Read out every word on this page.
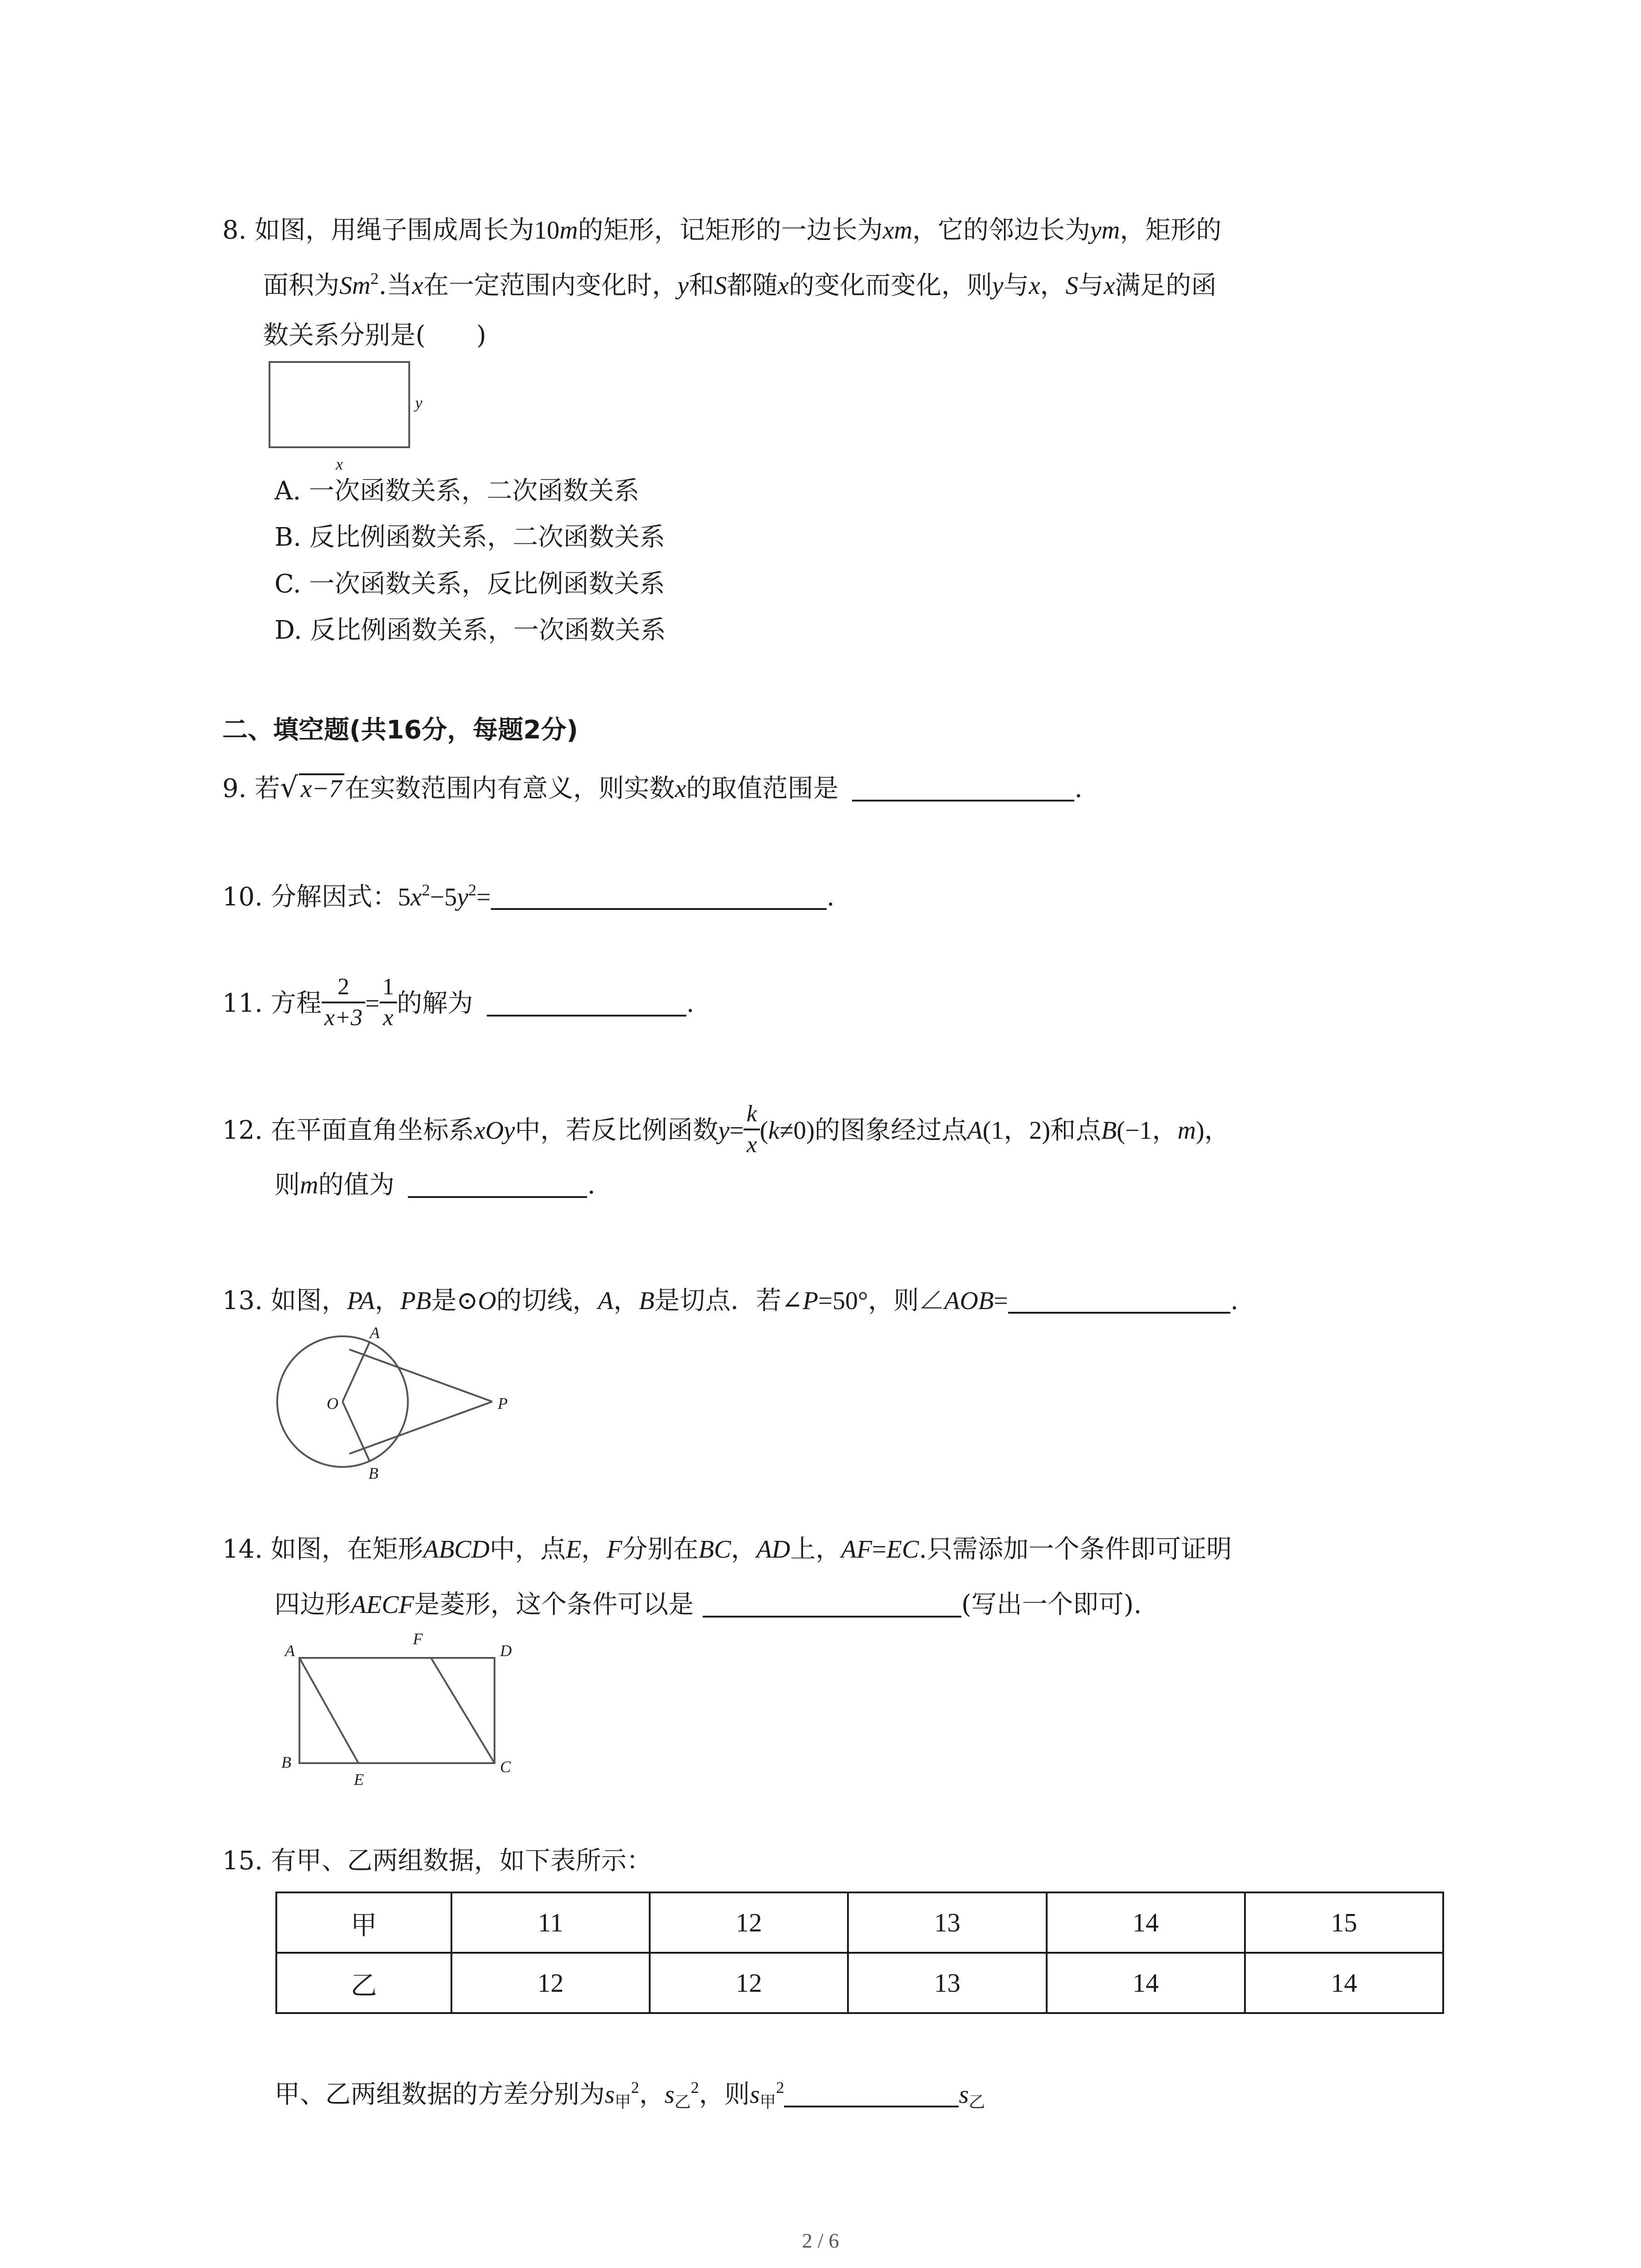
8. 如图，用绳子围成周长为10m的矩形，记矩形的一边长为xm，它的邻边长为ym，矩形的
面积为Sm$^2$.当x在一定范围内变化时，y和S都随x的变化而变化，则y与x，S与x满足的函
数关系分别是(　　)
y
x
A. 一次函数关系，二次函数关系
B. 反比例函数关系，二次函数关系
C. 一次函数关系，反比例函数关系
D. 反比例函数关系，一次函数关系
二、填空题(共16分，每题2分)
9. 若√ x−7 在实数范围内有意义，则实数x的取值范围是	.
10. 分解因式：$5x^2-5y^2=$	.
11. 方程 $\frac{2}{x+3} = \frac{1}{x}$ 的解为	.
12. 在平面直角坐标系xOy中，若反比例函数$y= \frac{k}{x} (k\ne 0)$的图象经过点A(1，2)和点B(−1，m)，
则m的值为	.
13. 如图，PA，PB是⊙O的切线，A，B是切点．若∠P=50°，则∠AOB=	.
A
O	P
B
14. 如图，在矩形ABCD中，点E，F分别在BC，AD上，AF=EC.只需添加一个条件即可证明
四边形AECF是菱形，这个条件可以是	(写出一个即可).
A
F
D
B
E
C
15. 有甲、乙两组数据，如下表所示：
甲	11	12	13	14	15
乙	12	12	13	14	14
甲、乙两组数据的方差分别为$s_甲^2$，$s_乙^2$，则$s_甲^2$	$s_乙$
2 / 6
